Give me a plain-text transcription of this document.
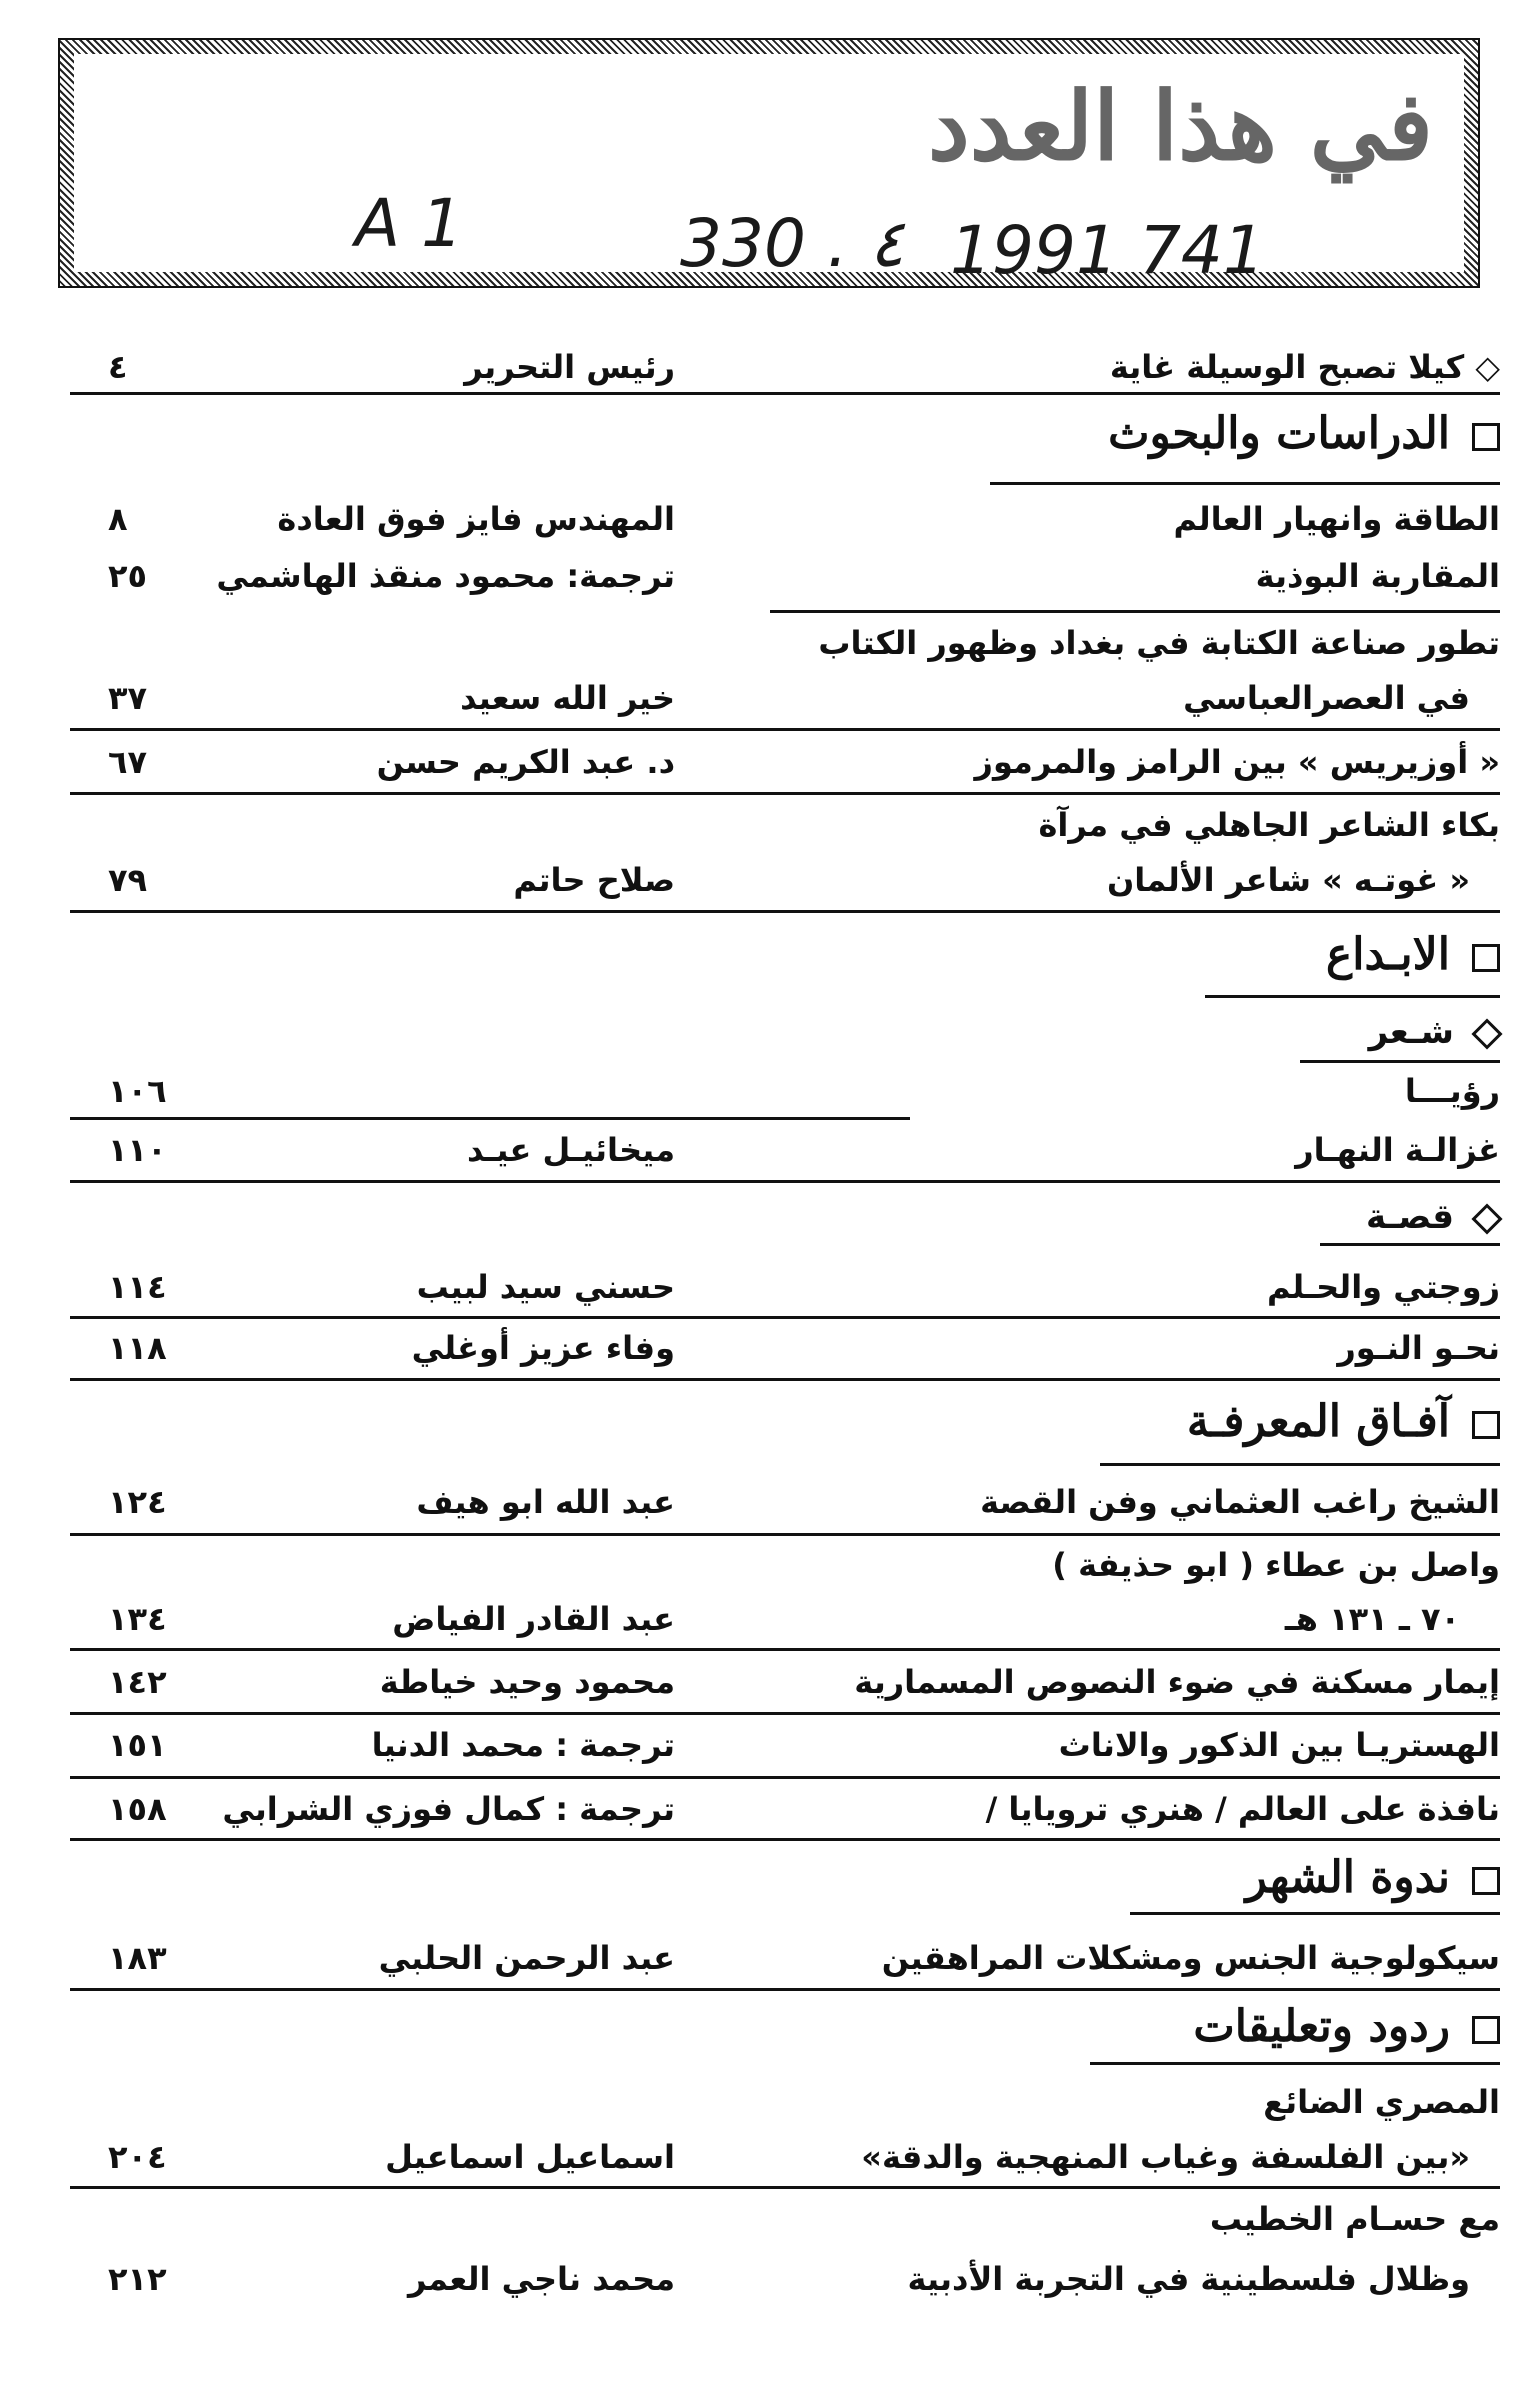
في هذا العدد
A 1	330 . ٤ 1991 741
◇ كيلا تصبح الوسيلة غاية
رئيس التحرير
٤
الدراسات والبحوث
الطاقة وانهيار العالم
المهندس فايز فوق العادة
٨
المقاربة البوذية
ترجمة: محمود منقذ الهاشمي
٢٥
تطور صناعة الكتابة في بغداد وظهور الكتاب
في العصرالعباسي
خير الله سعيد
٣٧
« أوزيريس » بين الرامز والمرموز
د. عبد الكريم حسن
٦٧
بكاء الشاعر الجاهلي في مرآة
« غوتـه » شاعر الألمان
صلاح حاتم
٧٩
الابـداع
شـعر
رؤيـــا
١٠٦
غزالـة النهـار
ميخائيـل عيـد
١١٠
قصـة
زوجتي والحـلم
حسني سيد لبيب
١١٤
نحـو النـور
وفاء عزيز أوغلي
١١٨
آفـاق المعرفـة
الشيخ راغب العثماني وفن القصة
عبد الله ابو هيف
١٢٤
واصل بن عطاء ( ابو حذيفة )
٧٠ ـ ١٣١ هـ
عبد القادر الفياض
١٣٤
إيمار مسكنة في ضوء النصوص المسمارية
محمود وحيد خياطة
١٤٢
الهستريـا بين الذكور والاناث
ترجمة : محمد الدنيا
١٥١
نافذة على العالم / هنري ترويايا /
ترجمة : كمال فوزي الشرابي
١٥٨
ندوة الشهر
سيكولوجية الجنس ومشكلات المراهقين
عبد الرحمن الحلبي
١٨٣
ردود وتعليقات
المصري الضائع
«بين الفلسفة وغياب المنهجية والدقة»
اسماعيل اسماعيل
٢٠٤
مع حسـام الخطيب
وظلال فلسطينية في التجربة الأدبية
محمد ناجي العمر
٢١٢
